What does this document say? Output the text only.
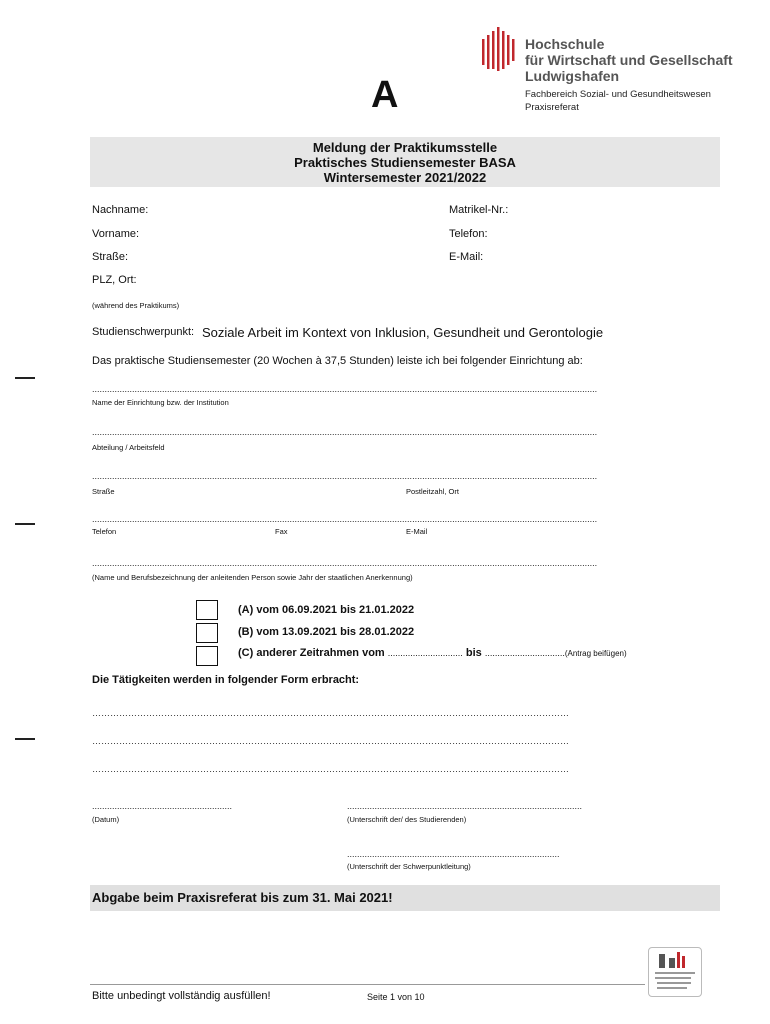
Hochschule
für Wirtschaft und Gesellschaft
Ludwigshafen
Fachbereich Sozial- und Gesundheitswesen
Praxisreferat
A
Meldung der Praktikumsstelle
Praktisches Studiensemester BASA
Wintersemester 2021/2022
Nachname:	Matrikel-Nr.:
Vorname:	Telefon:
Straße:	E-Mail:
PLZ, Ort:
(während des Praktikums)
Studienschwerpunkt: Soziale Arbeit im Kontext von Inklusion, Gesundheit und Gerontologie
Das praktische Studiensemester (20 Wochen à 37,5 Stunden) leiste ich bei folgender Einrichtung ab:
..........................................................................................................................................................................................................
Name der Einrichtung bzw. der Institution
..........................................................................................................................................................................................................
Abteilung / Arbeitsfeld
..........................................................................................................................................................................................................
Straße	Postleitzahl, Ort
..........................................................................................................................................................................................................
Telefon	Fax	E-Mail
..........................................................................................................................................................................................................
(Name und Berufsbezeichnung der anleitenden Person sowie Jahr der staatlichen Anerkennung)
(A) vom 06.09.2021 bis 21.01.2022
(B) vom 13.09.2021 bis 28.01.2022
(C) anderer Zeitrahmen vom .............................. bis ................................(Antrag beifügen)
Die Tätigkeiten werden in folgender Form erbracht:
……………………………………………………………………………………………………………………………………………
……………………………………………………………………………………………………………………………………………
……………………………………………………………………………………………………………………………………………
........................................................
(Datum)
..............................................................................................
(Unterschrift der/ des Studierenden)
.....................................................................................
(Unterschrift der Schwerpunktleitung)
Abgabe beim Praxisreferat bis zum 31. Mai 2021!
Bitte unbedingt vollständig ausfüllen!	Seite 1 von 10
